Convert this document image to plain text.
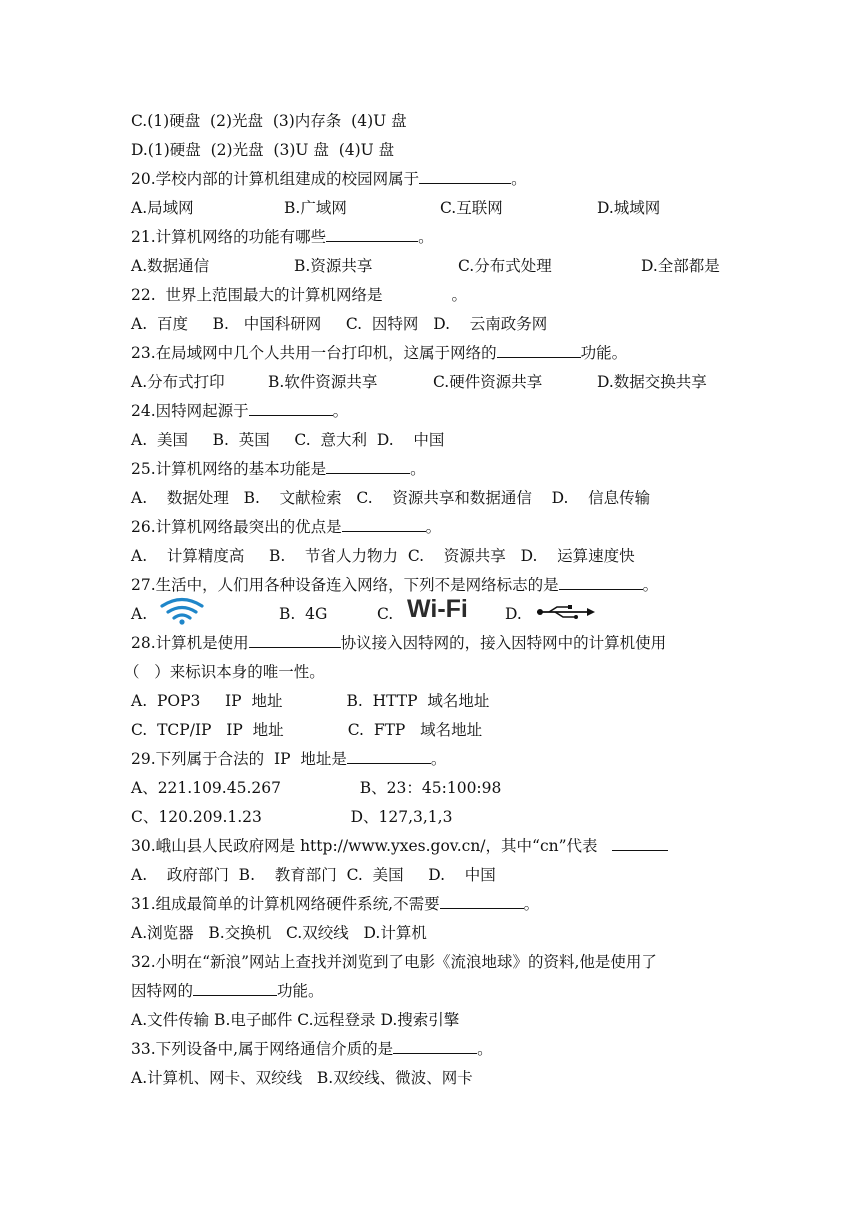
C.(1)硬盘  (2)光盘  (3)内存条  (4)U 盘
D.(1)硬盘  (2)光盘  (3)U 盘  (4)U 盘
20.学校内部的计算机组建成的校园网属于	。

A.局域网

	B.广域网

	C.互联网

	D.城域网

21.计算机网络的功能有哪些	。

A.数据通信

	B.资源共享

	C.分布式处理

	D.全部都是

22.  世界上范围最大的计算机网络是              。
A.  百度     B.   中国科研网     C.  因特网   D.    云南政务网
23.在局域网中几个人共用一台打印机，这属于网络的	功能。

A.分布式打印

	B.软件资源共享

	C.硬件资源共享

	D.数据交换共享

24.因特网起源于	。
A.  美国     B.  英国     C.  意大利  D.    中国
25.计算机网络的基本功能是	。
A.    数据处理   B.    文献检索   C.    资源共享和数据通信    D.    信息传输
26.计算机网络最突出的优点是	。
A.    计算精度高     B.    节省人力物力  C.    资源共享   D.    运算速度快
27.生活中，人们用各种设备连入网络，下列不是网络标志的是	。

A.

	B.  4G

	C.

Wi-Fi

D.

28.计算机是使用	协议接入因特网的，接入因特网中的计算机使用
（   ）来标识本身的唯一性。
A.  POP3     IP  地址             B.  HTTP  域名地址
C.  TCP/IP   IP  地址             C.  FTP   域名地址
29.下列属于合法的  IP  地址是	。
A、221.109.45.267                B、23：45:100:98
C、120.209.1.23                  D、127,3,1,3
30.峨山县人民政府网是 http://www.yxes.gov.cn/，其中“cn”代表
A.    政府部门  B.    教育部门  C.  美国     D.    中国
31.组成最简单的计算机网络硬件系统,不需要	。
A.浏览器   B.交换机   C.双绞线   D.计算机
32.小明在“新浪”网站上查找并浏览到了电影《流浪地球》的资料,他是使用了
因特网的	功能。
A.文件传输 B.电子邮件 C.远程登录 D.搜索引擎
33.下列设备中,属于网络通信介质的是	。
A.计算机、网卡、双绞线   B.双绞线、微波、网卡
